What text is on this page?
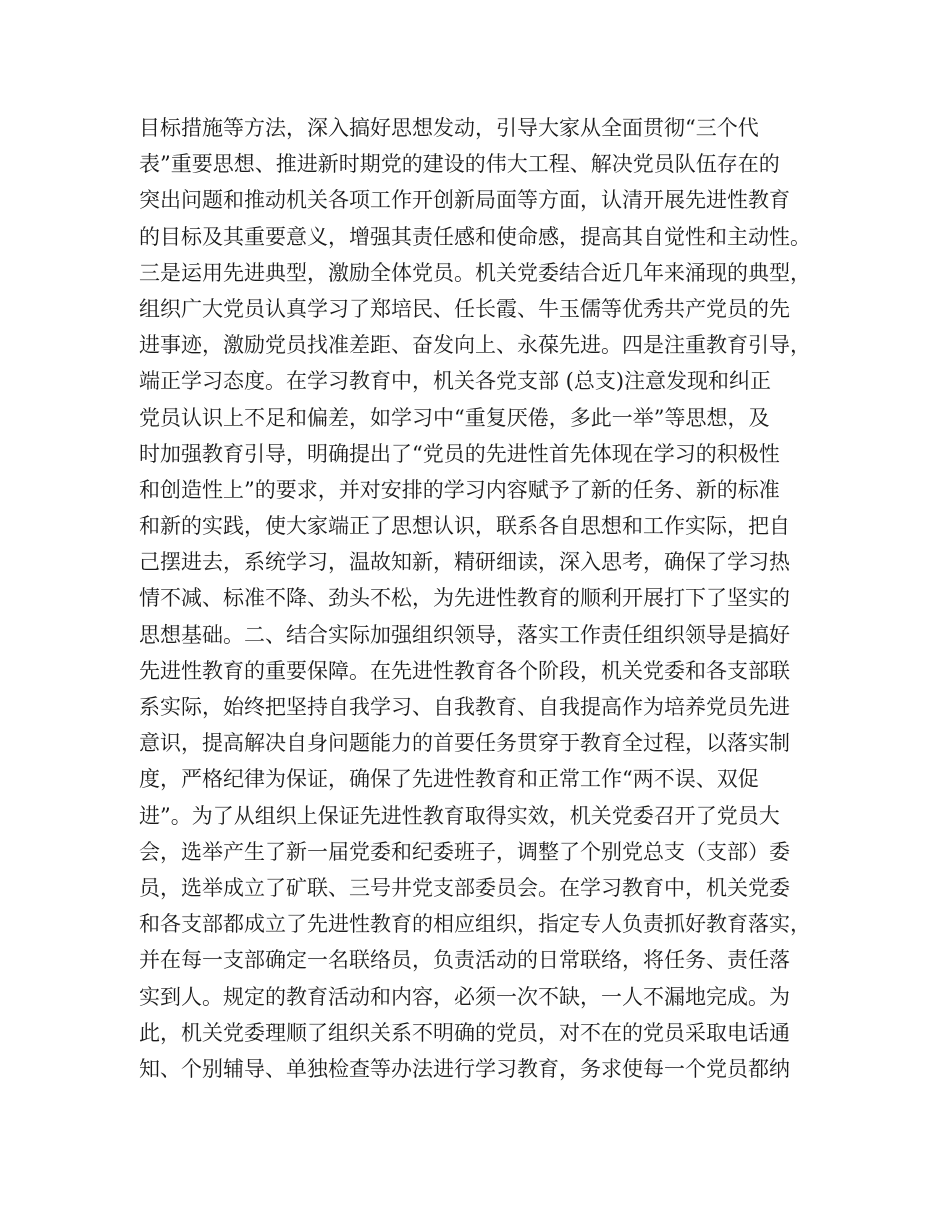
目标措施等方法，深入搞好思想发动，引导大家从全面贯彻“三个代
表”重要思想、推进新时期党的建设的伟大工程、解决党员队伍存在的
突出问题和推动机关各项工作开创新局面等方面，认清开展先进性教育
的目标及其重要意义，增强其责任感和使命感，提高其自觉性和主动性。
三是运用先进典型，激励全体党员。机关党委结合近几年来涌现的典型，
组织广大党员认真学习了郑培民、任长霞、牛玉儒等优秀共产党员的先
进事迹，激励党员找准差距、奋发向上、永葆先进。四是注重教育引导，
端正学习态度。在学习教育中，机关各党支部 (总支)注意发现和纠正
党员认识上不足和偏差，如学习中“重复厌倦，多此一举”等思想，及
时加强教育引导，明确提出了“党员的先进性首先体现在学习的积极性
和创造性上”的要求，并对安排的学习内容赋予了新的任务、新的标准
和新的实践，使大家端正了思想认识，联系各自思想和工作实际，把自
己摆进去，系统学习，温故知新，精研细读，深入思考，确保了学习热
情不减、标准不降、劲头不松，为先进性教育的顺利开展打下了坚实的
思想基础。二、结合实际加强组织领导，落实工作责任组织领导是搞好
先进性教育的重要保障。在先进性教育各个阶段，机关党委和各支部联
系实际，始终把坚持自我学习、自我教育、自我提高作为培养党员先进
意识，提高解决自身问题能力的首要任务贯穿于教育全过程，以落实制
度，严格纪律为保证，确保了先进性教育和正常工作“两不误、双促
进”。为了从组织上保证先进性教育取得实效，机关党委召开了党员大
会，选举产生了新一届党委和纪委班子，调整了个别党总支（支部）委
员，选举成立了矿联、三号井党支部委员会。在学习教育中，机关党委
和各支部都成立了先进性教育的相应组织，指定专人负责抓好教育落实，
并在每一支部确定一名联络员，负责活动的日常联络，将任务、责任落
实到人。规定的教育活动和内容，必须一次不缺，一人不漏地完成。为
此，机关党委理顺了组织关系不明确的党员，对不在的党员采取电话通
知、个别辅导、单独检查等办法进行学习教育，务求使每一个党员都纳
